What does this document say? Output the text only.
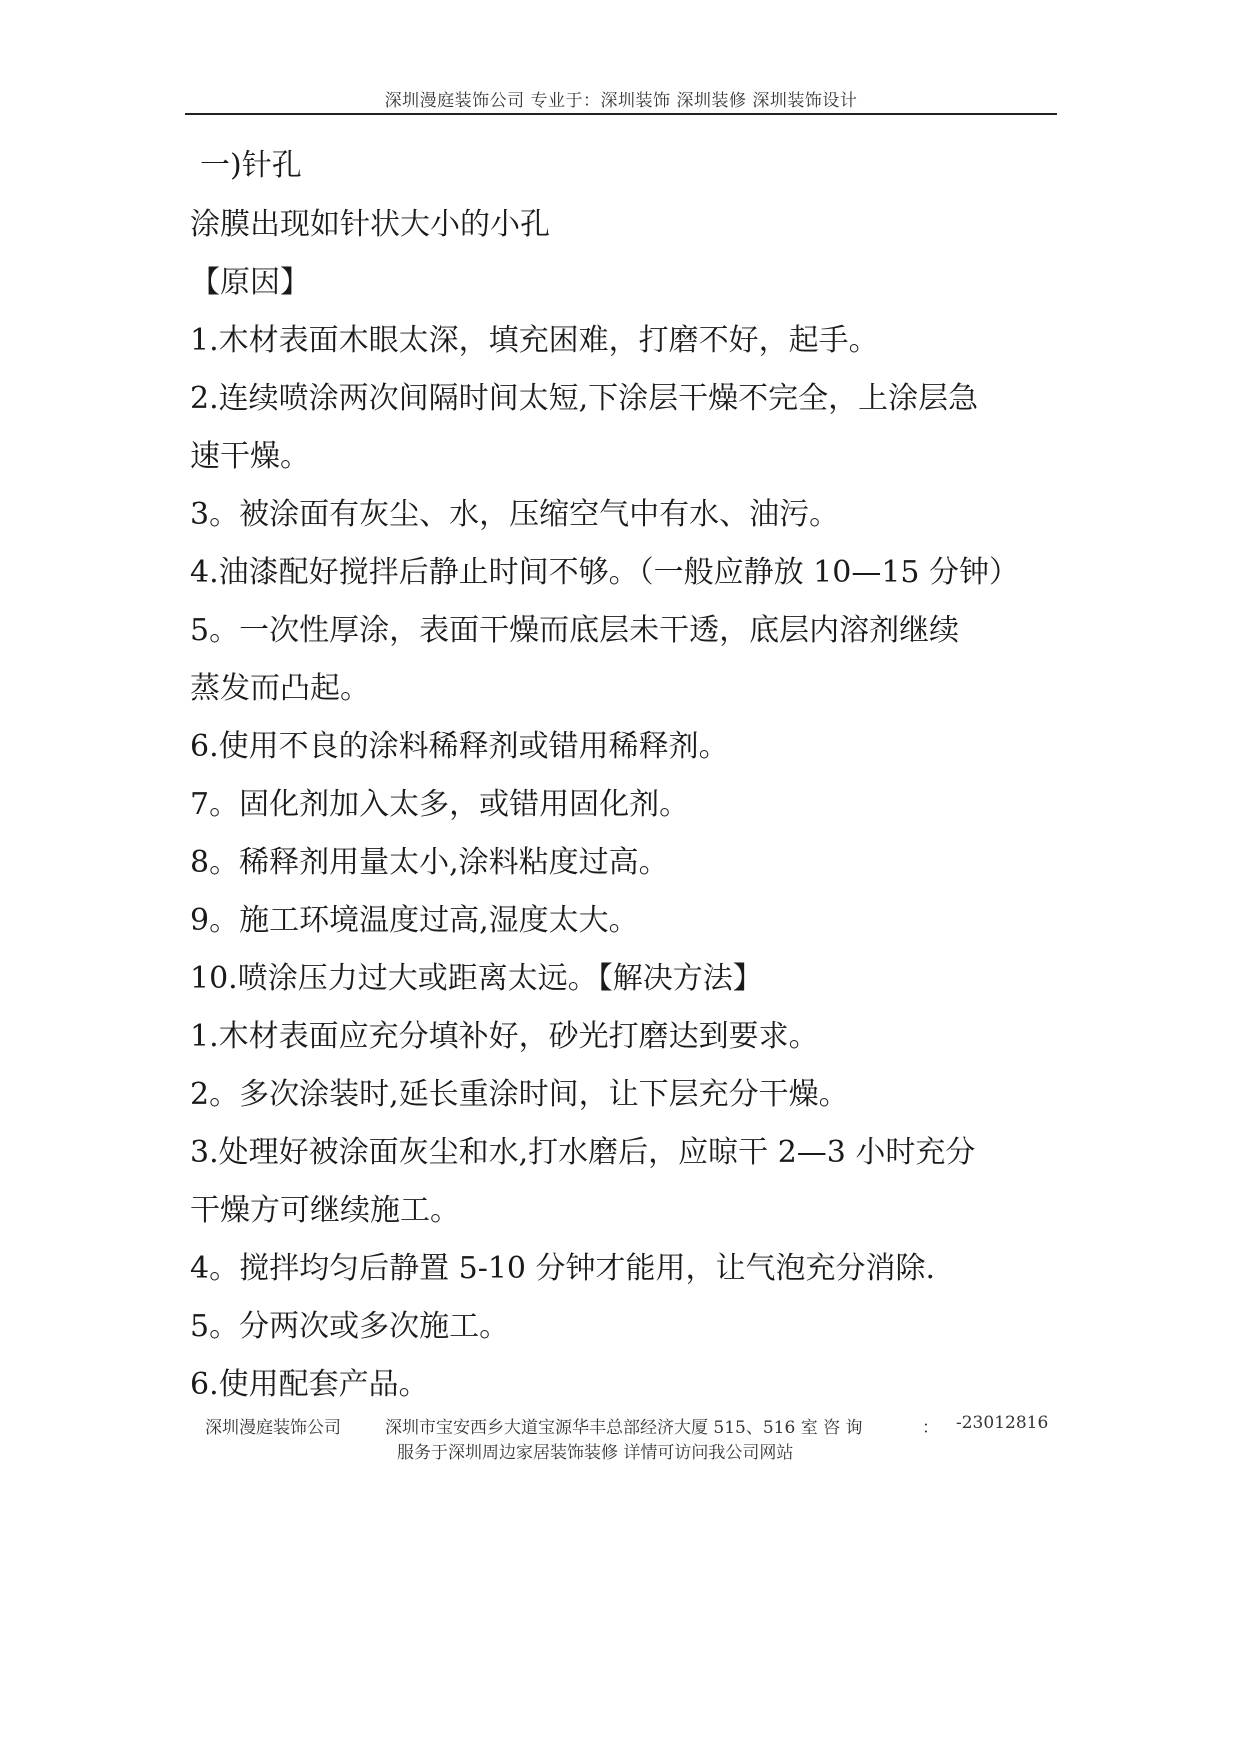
深圳漫庭装饰公司 专业于：深圳装饰 深圳装修 深圳装饰设计
一)针孔
涂膜出现如针状大小的小孔
【原因】
1.木材表面木眼太深，填充困难，打磨不好，起手。
2.连续喷涂两次间隔时间太短,下涂层干燥不完全，上涂层急
速干燥。
3。被涂面有灰尘、水，压缩空气中有水、油污。
4.油漆配好搅拌后静止时间不够。（一般应静放 10—15 分钟）
5。一次性厚涂，表面干燥而底层未干透，底层内溶剂继续
蒸发而凸起。
6.使用不良的涂料稀释剂或错用稀释剂。
7。固化剂加入太多，或错用固化剂。
8。稀释剂用量太小,涂料粘度过高。
9。施工环境温度过高,湿度太大。
10.喷涂压力过大或距离太远。【解决方法】
1.木材表面应充分填补好，砂光打磨达到要求。
2。多次涂装时,延长重涂时间，让下层充分干燥。
3.处理好被涂面灰尘和水,打水磨后，应晾干 2—3 小时充分
干燥方可继续施工。
4。搅拌均匀后静置 5-10 分钟才能用，让气泡充分消除.
5。分两次或多次施工。
6.使用配套产品。
深圳漫庭装饰公司	深圳市宝安西乡大道宝源华丰总部经济大厦 515、516 室 咨 询	： -23012816
服务于深圳周边家居装饰装修 详情可访问我公司网站
